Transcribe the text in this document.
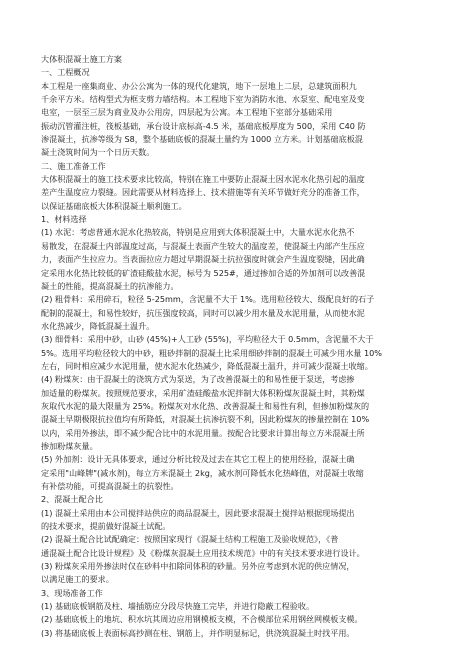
大体积混凝土施工方案
一、工程概况
本工程是一座集商业、办公公寓为一体的现代化建筑，地下一层地上二层，总建筑面积九
千余平方米。结构型式为框支剪力墙结构。本工程地下室为消防水池、水泵室、配电室及变
电室，一层至三层为商业及办公用房，四层起为公寓。本工程地下室部分基础采用
振动沉管灌注桩，筏板基础，承台设计底标高-4.5 米，基础底板厚度为 500，采用 C40 防
渗混凝土，抗渗等级为 S8，整个基础底板的混凝土量约为 1000 立方米。计划基础底板混
凝土浇筑时间为一个日历天数。
二、施工准备工作
大体积混凝土的施工技术要求比较高，特别在施工中要防止混凝土因水泥水化热引起的温度
差产生温度应力裂缝。因此需要从材料选择上、技术措施等有关环节做好充分的准备工作，
以保证基础底板大体积混凝土顺利施工。
1、材料选择
(1) 水泥：考虑普通水泥水化热较高，特别是应用到大体积混凝土中，大量水泥水化热不
易散发，在混凝土内部温度过高，与混凝土表面产生较大的温度差，使混凝土内部产生压应
力，表面产生拉应力。当表面拉应力超过早期混凝土抗拉强度时就会产生温度裂缝，因此确
定采用水化热比较低的矿渣硅酸盐水泥，标号为 525#，通过掺加合适的外加剂可以改善混
凝土的性能，提高混凝土的抗渗能力。
(2) 粗骨料：采用碎石，粒径 5-25mm，含泥量不大于 1%。选用粒径较大、级配良好的石子
配制的混凝土，和易性较好，抗压强度较高，同时可以减少用水量及水泥用量，从而使水泥
水化热减少，降低混凝土温升。
(3) 细骨料：采用中砂，山砂 (45%)+人工砂 (55%)，平均粒径大于 0.5mm，含泥量不大于
5%。选用平均粒径较大的中砂，粗砂拌制的混凝土比采用细砂拌制的混凝土可减少用水量 10%
左右，同时相应减少水泥用量，使水泥水化热减少，降低混凝土温升，并可减少混凝土收缩。
(4) 粉煤灰：由于混凝土的浇筑方式为泵送，为了改善混凝土的和易性便于泵送，考虑掺
加适量的粉煤灰。按照规范要求，采用矿渣硅酸盐水泥拌制大体积粉煤灰混凝土时，其粉煤
灰取代水泥的最大限量为 25%。粉煤灰对水化热、改善混凝土和易性有利，但掺加粉煤灰的
混凝土早期极限抗拉值均有所降低，对混凝土抗渗抗裂不利，因此粉煤灰的掺量控制在 10%
以内，采用外掺法，即不减少配合比中的水泥用量。按配合比要求计算出每立方米混凝土所
掺加粉煤灰量。
(5) 外加剂：设计无具体要求，通过分析比较及过去在其它工程上的使用经验，混凝土确
定采用"山峰牌"(减水剂)，每立方米混凝土 2kg，减水剂可降低水化热峰值，对混凝土收缩
有补偿功能，可提高混凝土的抗裂性。
2、混凝土配合比
(1) 混凝土采用由本公司搅拌站供应的商品混凝土，因此要求混凝土搅拌站根据现场提出
的技术要求，提前做好混凝土试配。
(2) 混凝土配合比试配确定：按照国家现行《混凝土结构工程施工及验收规范》，《普
通混凝土配合比设计规程》及《粉煤灰混凝土应用技术规范》中的有关技术要求进行设计。
(3) 粉煤灰采用外掺法时仅在砂料中扣除同体积的砂量。另外应考虑到水泥的供应情况，
以满足施工的要求。
3、现场准备工作
(1) 基础底板钢筋及柱、墙插筋应分段尽快施工完毕，并进行隐蔽工程验收。
(2) 基础底板上的地坑、积水坑其周边应用钢模板支模，不合模部位采用钢丝网模板支模。
(3) 将基础底板上表面标高抄测在柱、钢筋上，并作明显标记，供浇筑混凝土时找平用。
